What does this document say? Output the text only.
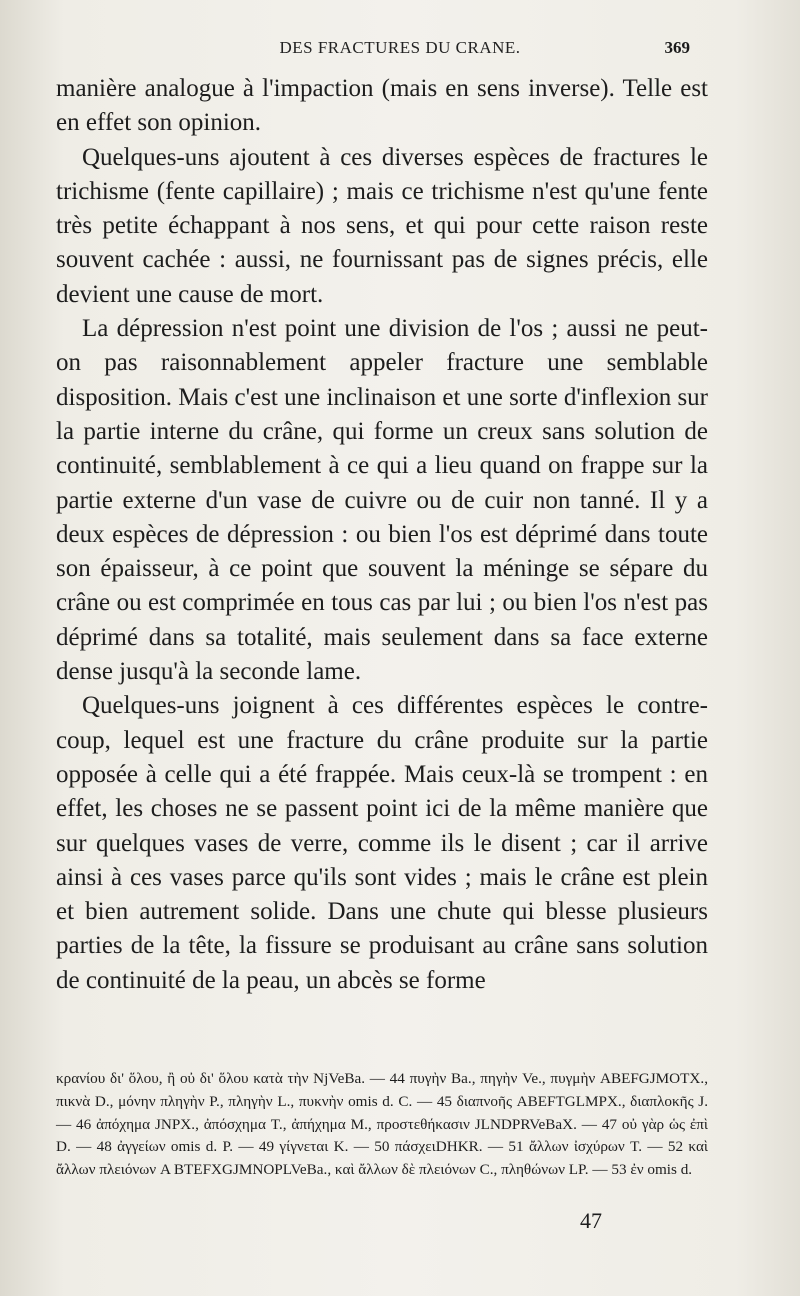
DES FRACTURES DU CRANE.	369

manière analogue à l'impaction (mais en sens inverse). Telle est en effet son opinion.

Quelques-uns ajoutent à ces diverses espèces de fractures le trichisme (fente capillaire) ; mais ce trichisme n'est qu'une fente très petite échappant à nos sens, et qui pour cette raison reste souvent cachée : aussi, ne fournissant pas de signes précis, elle devient une cause de mort.

La dépression n'est point une division de l'os ; aussi ne peut-on pas raisonnablement appeler fracture une semblable disposition. Mais c'est une inclinaison et une sorte d'inflexion sur la partie interne du crâne, qui forme un creux sans solution de continuité, semblablement à ce qui a lieu quand on frappe sur la partie externe d'un vase de cuivre ou de cuir non tanné. Il y a deux espèces de dépression : ou bien l'os est déprimé dans toute son épaisseur, à ce point que souvent la méninge se sépare du crâne ou est comprimée en tous cas par lui ; ou bien l'os n'est pas déprimé dans sa totalité, mais seulement dans sa face externe dense jusqu'à la seconde lame.

Quelques-uns joignent à ces différentes espèces le contre-coup, lequel est une fracture du crâne produite sur la partie opposée à celle qui a été frappée. Mais ceux-là se trompent : en effet, les choses ne se passent point ici de la même manière que sur quelques vases de verre, comme ils le disent ; car il arrive ainsi à ces vases parce qu'ils sont vides ; mais le crâne est plein et bien autrement solide. Dans une chute qui blesse plusieurs parties de la tête, la fissure se produisant au crâne sans solution de continuité de la peau, un abcès se forme

κρανίου δι' ὅλου, ἢ οὐ δι' ὅλου κατὰ τὴν NjVeBa. — 44 πυγὴν Ba., πηγὴν Ve., πυγμὴν ABEFGJMOTX., πικνὰ D., μόνην πληγὴν P., πληγὴν L., πυκνὴν omis d. C. — 45 διαπνοῆς ABEFTGLMPX., διαπλοκῆς J. — 46 ἀπόχημα JNPX., ἀπόσχημα T., ἀπήχημα M., προστεθήκασιν JLNDPRVeBaX. — 47 οὐ γὰρ ὡς ἐπὶ D. — 48 ἀγγείων omis d. P. — 49 γίγνεται K. — 50 πάσχειDHKR. — 51 ἄλλων ἰσχύρων T. — 52 καὶ ἄλλων πλειόνων A BTEFXGJMNOPLVeBa., καὶ ἄλλων δὲ πλειόνων C., πληθώνων LP. — 53 ἐν omis d.

47
